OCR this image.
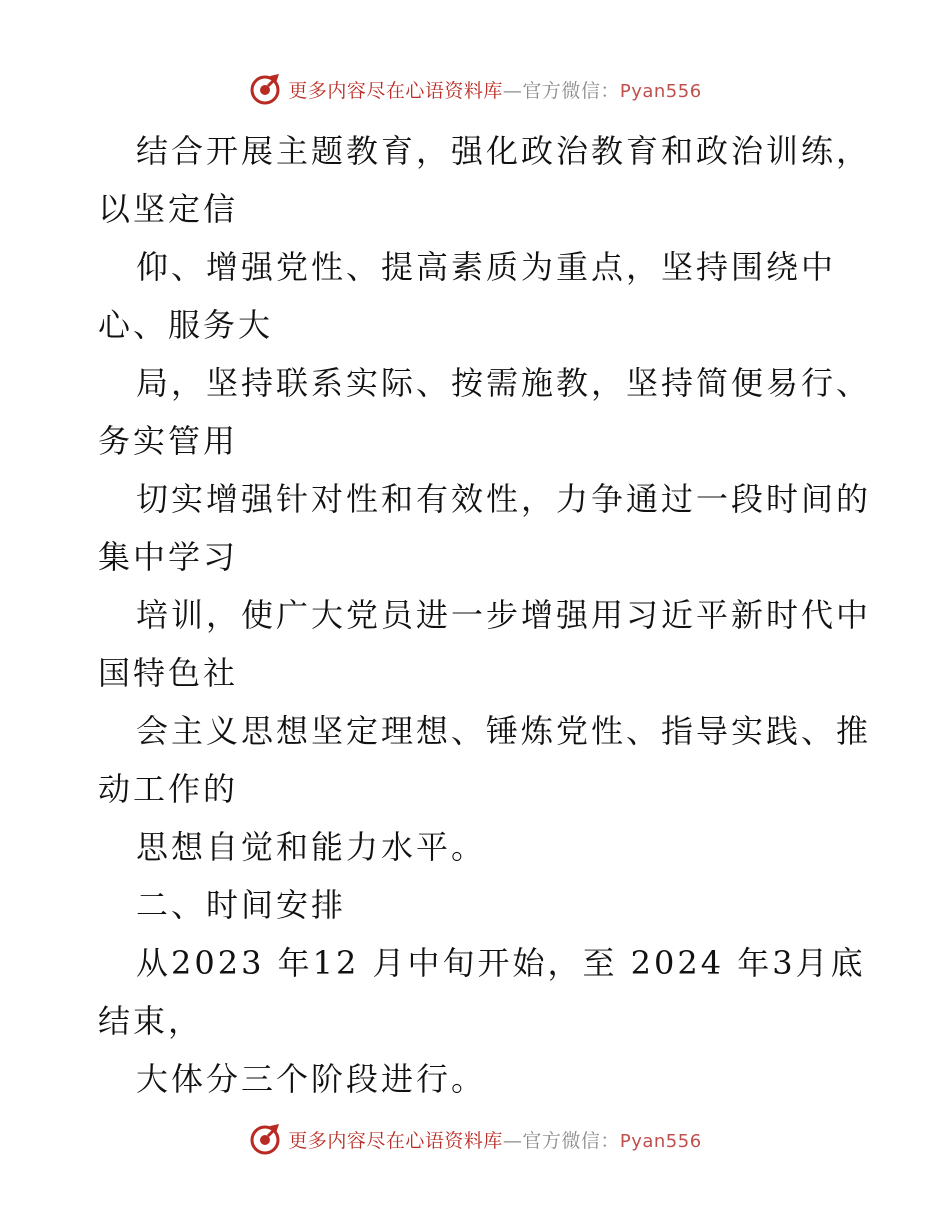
更多内容尽在心语资料库—官方微信：Pyan556
结合开展主题教育，强化政治教育和政治训练，
以坚定信
仰、增强党性、提高素质为重点，坚持围绕中
心、服务大
局，坚持联系实际、按需施教，坚持简便易行、
务实管用
切实增强针对性和有效性，力争通过一段时间的
集中学习
培训，使广大党员进一步增强用习近平新时代中
国特色社
会主义思想坚定理想、锤炼党性、指导实践、推
动工作的
思想自觉和能力水平。
二、时间安排
从2023 年12 月中旬开始，至 2024 年3月底
结束，
大体分三个阶段进行。
更多内容尽在心语资料库—官方微信：Pyan556
